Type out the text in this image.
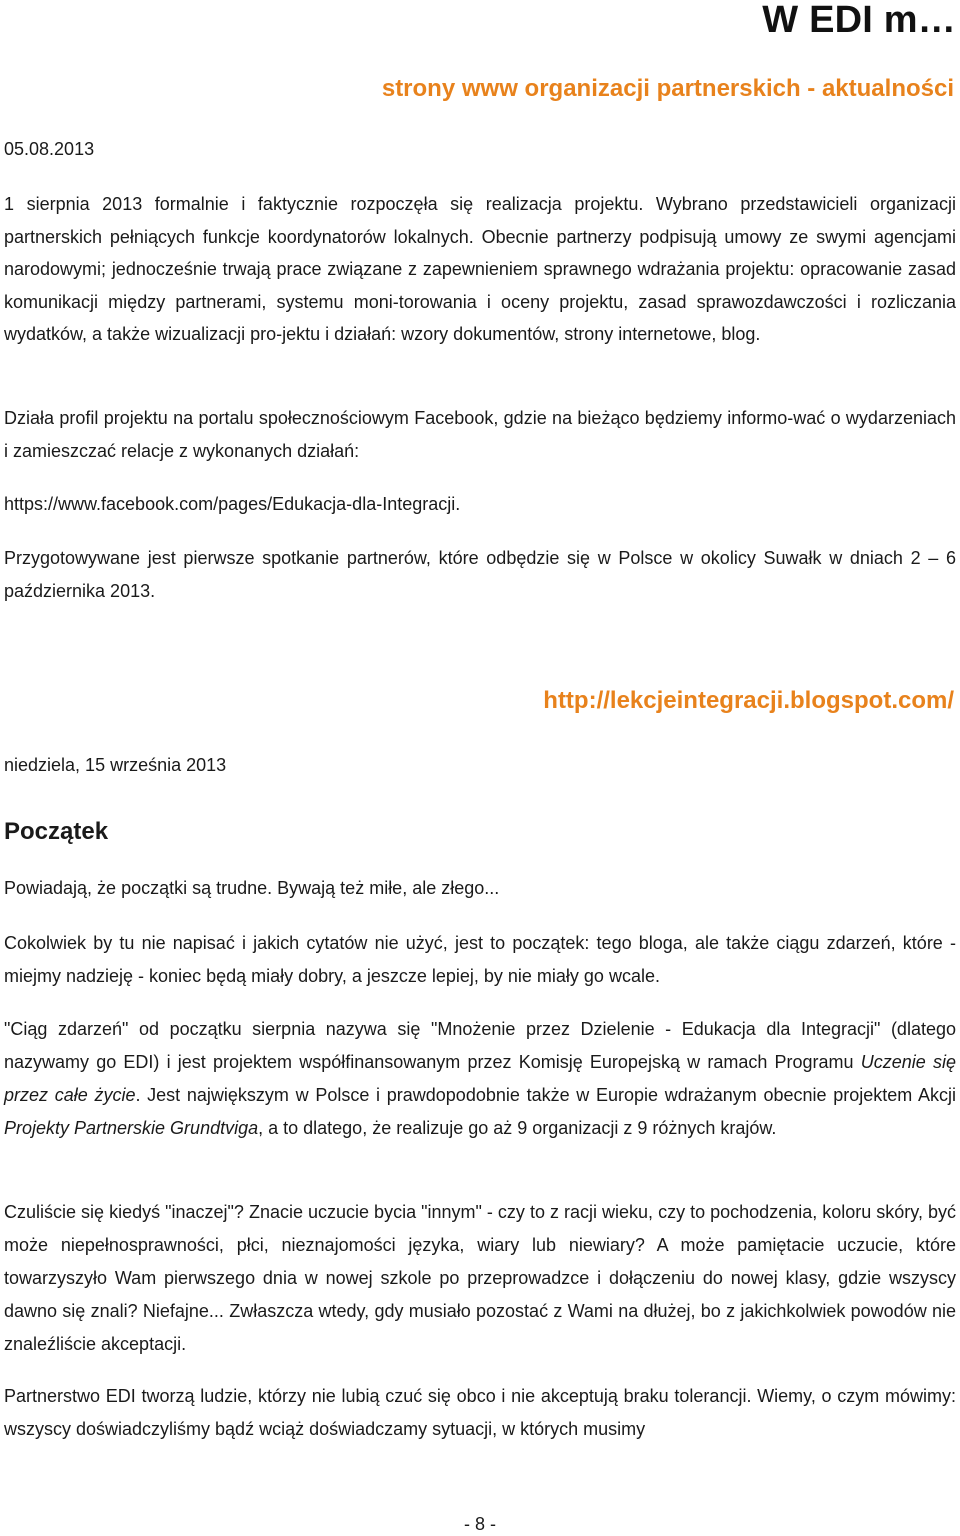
W EDI m…
strony www organizacji partnerskich - aktualności
05.08.2013

1 sierpnia 2013 formalnie i faktycznie rozpoczęła się realizacja projektu. Wybrano przedstawicieli organizacji partnerskich pełniących funkcje koordynatorów lokalnych. Obecnie partnerzy podpisują umowy ze swymi agencjami narodowymi; jednocześnie trwają prace związane z zapewnieniem sprawnego wdrażania projektu: opracowanie zasad komunikacji między partnerami, systemu moni-torowania i oceny projektu, zasad sprawozdawczości i rozliczania wydatków, a także wizualizacji pro-jektu i działań: wzory dokumentów, strony internetowe, blog.

Działa profil projektu na portalu społecznościowym Facebook, gdzie na bieżąco będziemy informo-wać o wydarzeniach i zamieszczać relacje z wykonanych działań:

https://www.facebook.com/pages/Edukacja-dla-Integracji.

Przygotowywane jest pierwsze spotkanie partnerów, które odbędzie się w Polsce w okolicy Suwałk w dniach 2 – 6 października 2013.

http://lekcjeintegracji.blogspot.com/
niedziela, 15 września 2013
Początek

Powiadają, że początki są trudne. Bywają też miłe, ale złego...

Cokolwiek by tu nie napisać i jakich cytatów nie użyć, jest to początek: tego bloga, ale także ciągu zdarzeń, które - miejmy nadzieję - koniec będą miały dobry, a jeszcze lepiej, by nie miały go wcale.

"Ciąg zdarzeń" od początku sierpnia nazywa się "Mnożenie przez Dzielenie - Edukacja dla Integracji" (dlatego nazywamy go EDI) i jest projektem współfinansowanym przez Komisję Europejską w ramach Programu Uczenie się przez całe życie. Jest największym w Polsce i prawdopodobnie także w Europie wdrażanym obecnie projektem Akcji Projekty Partnerskie Grundtviga, a to dlatego, że realizuje go aż 9 organizacji z 9 różnych krajów.

Czuliście się kiedyś "inaczej"? Znacie uczucie bycia "innym" - czy to z racji wieku, czy to pochodzenia, koloru skóry, być może niepełnosprawności, płci, nieznajomości języka, wiary lub niewiary? A może pamiętacie uczucie, które towarzyszyło Wam pierwszego dnia w nowej szkole po przeprowadzce i dołączeniu do nowej klasy, gdzie wszyscy dawno się znali? Niefajne... Zwłaszcza wtedy, gdy musiało pozostać z Wami na dłużej, bo z jakichkolwiek powodów nie znaleźliście akceptacji.

Partnerstwo EDI tworzą ludzie, którzy nie lubią czuć się obco i nie akceptują braku tolerancji. Wiemy, o czym mówimy: wszyscy doświadczyliśmy bądź wciąż doświadczamy sytuacji, w których musimy

- 8 -
